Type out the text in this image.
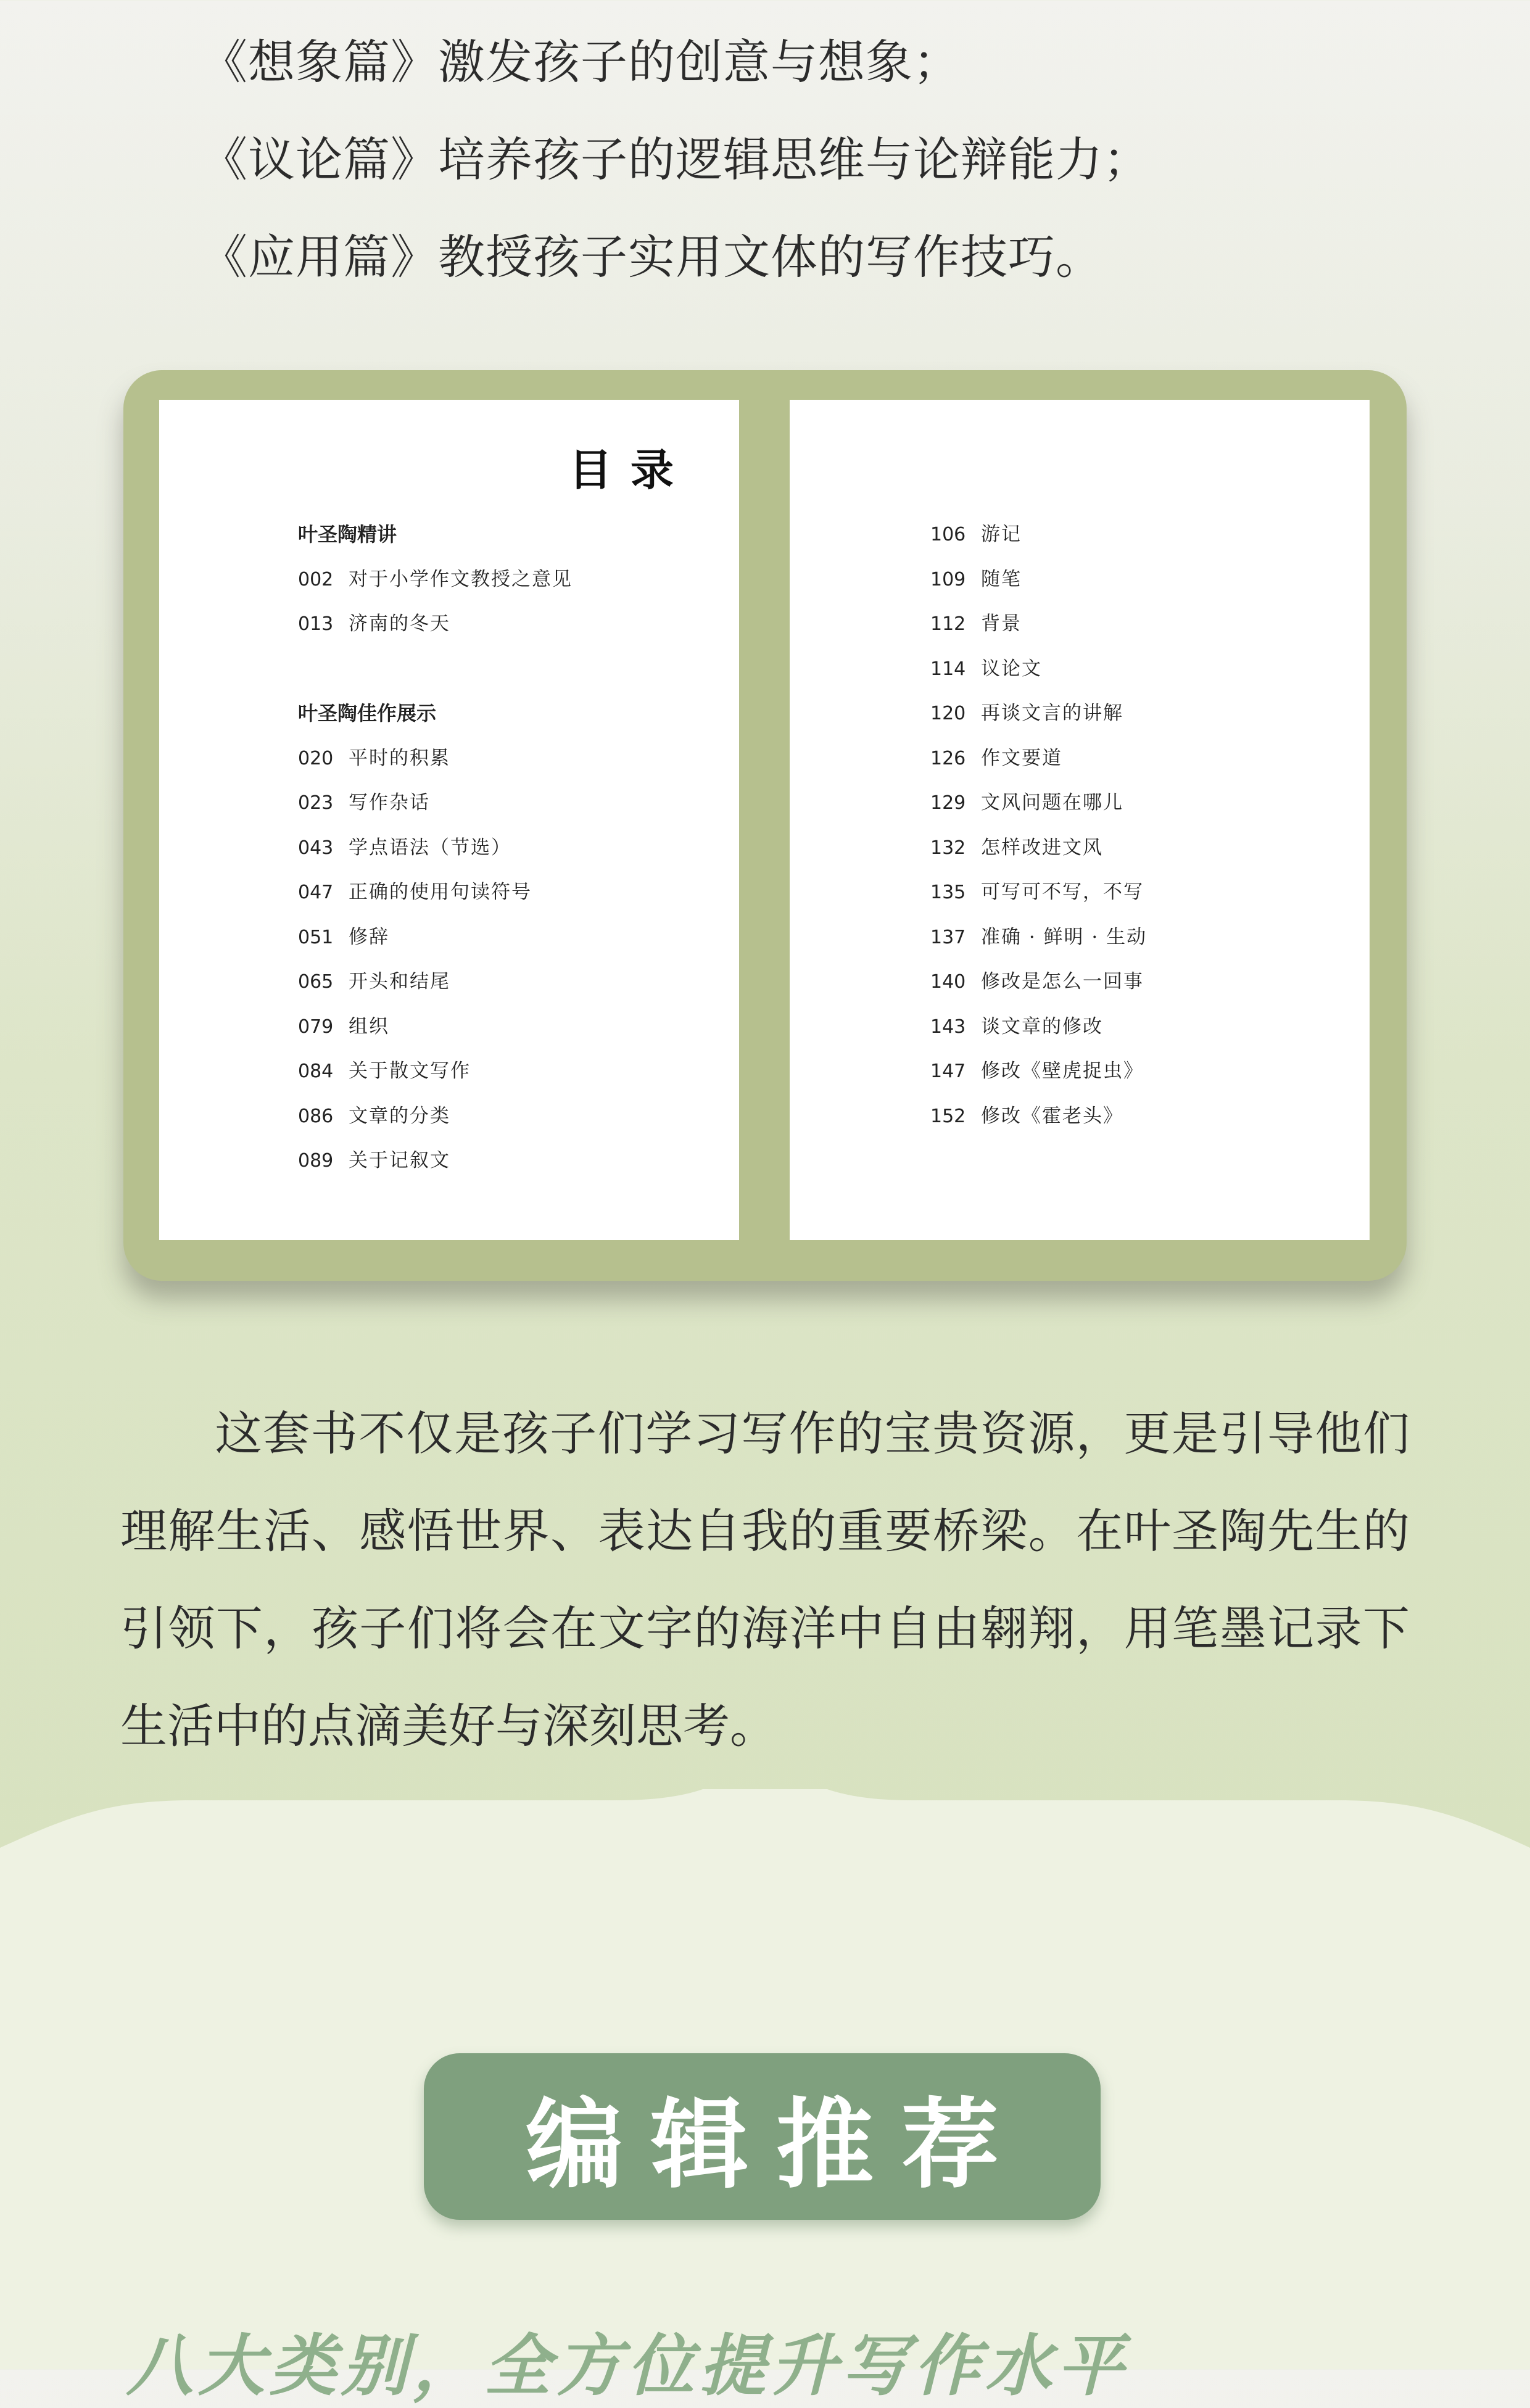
《想象篇》激发孩子的创意与想象；
《议论篇》培养孩子的逻辑思维与论辩能力；
《应用篇》教授孩子实用文体的写作技巧。
目录
叶圣陶精讲
002 对于小学作文教授之意见
013 济南的冬天
叶圣陶佳作展示
020 平时的积累
023 写作杂话
043 学点语法（节选）
047 正确的使用句读符号
051 修辞
065 开头和结尾
079 组织
084 关于散文写作
086 文章的分类
089 关于记叙文
106 游记
109 随笔
112 背景
114 议论文
120 再谈文言的讲解
126 作文要道
129 文风问题在哪儿
132 怎样改进文风
135 可写可不写，不写
137 准确 · 鲜明 · 生动
140 修改是怎么一回事
143 谈文章的修改
147 修改《壁虎捉虫》
152 修改《霍老头》
这套书不仅是孩子们学习写作的宝贵资源，更是引导他们理解生活、感悟世界、表达自我的重要桥梁。在叶圣陶先生的引领下，孩子们将会在文字的海洋中自由翱翔，用笔墨记录下生活中的点滴美好与深刻思考。
编辑推荐
八大类别，全方位提升写作水平
